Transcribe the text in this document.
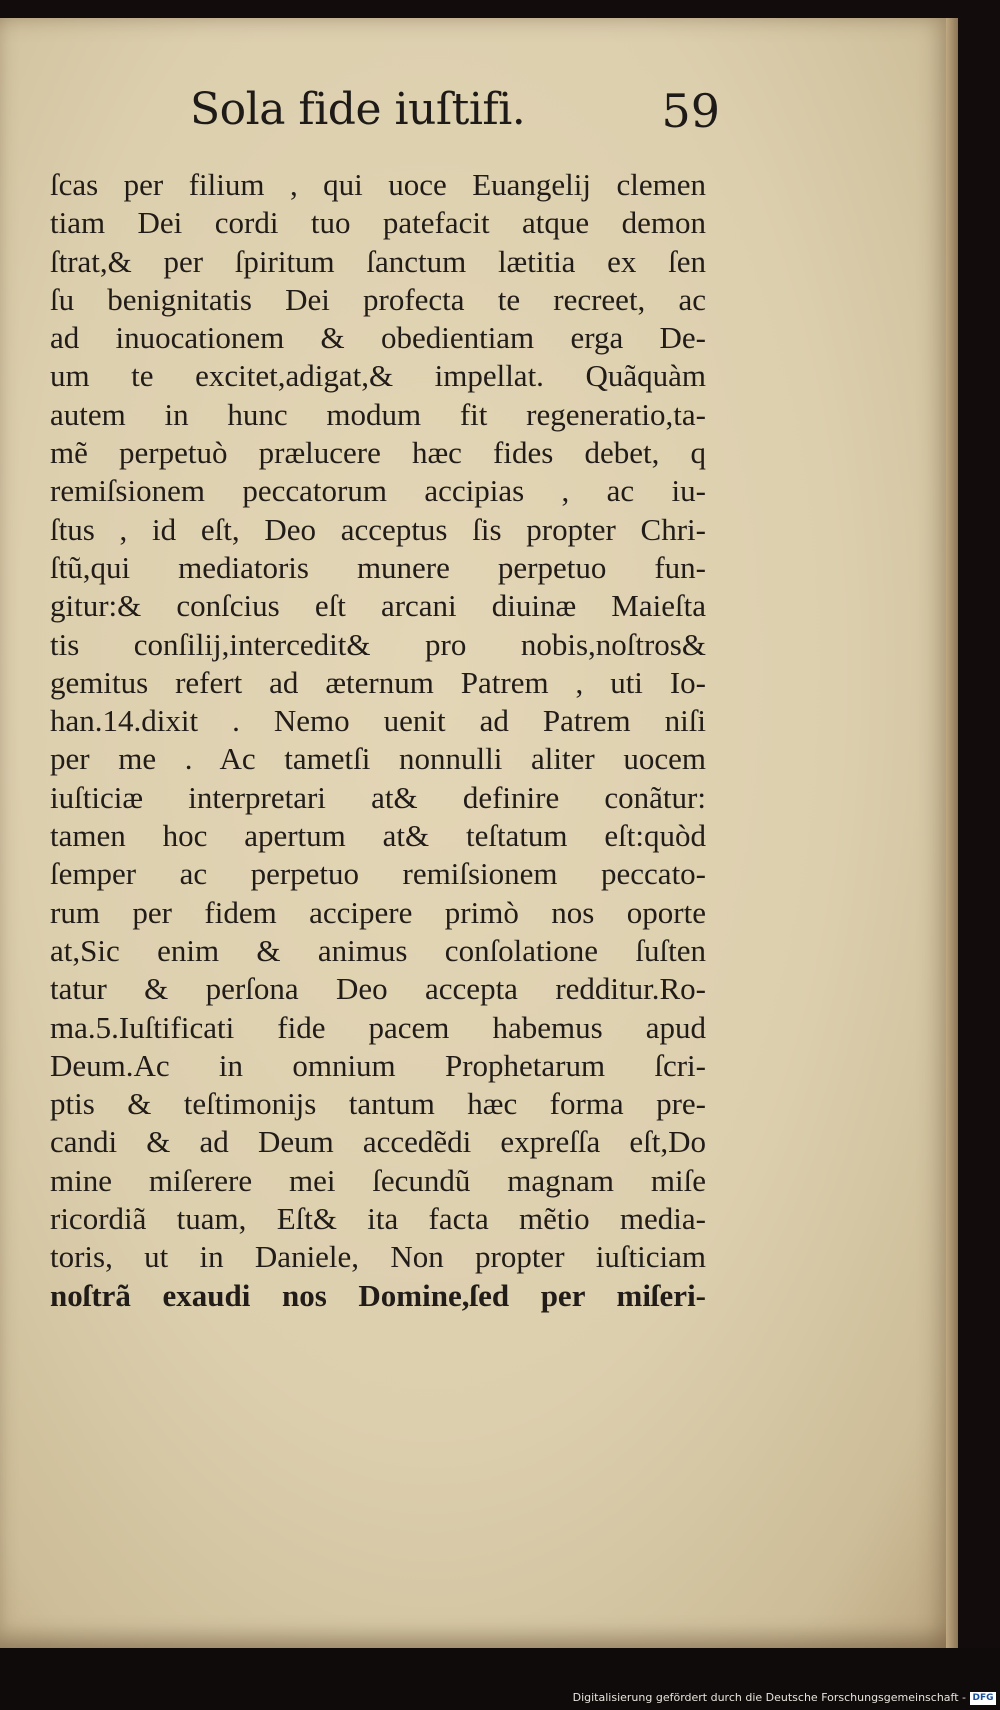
Sola fide iuſtifi.	59
ſcas per filium , qui uoce Euangelij clemen
tiam Dei cordi tuo patefacit atque demon
ſtrat,& per ſpiritum ſanctum lætitia ex ſen
ſu benignitatis Dei profecta te recreet, ac
ad inuocationem & obedientiam erga De-
um te excitet,adigat,& impellat. Quãquàm
autem in hunc modum fit regeneratio,ta-
mẽ perpetuò prælucere hæc fides debet, q
remiſsionem peccatorum accipias , ac iu-
ſtus , id eſt, Deo acceptus ſis propter Chri-
ſtũ,qui mediatoris munere perpetuo fun-
gitur:& conſcius eſt arcani diuinæ Maieſta
tis conſilij,intercedit& pro nobis,noſtros&
gemitus refert ad æternum Patrem , uti Io-
han.14.dixit . Nemo uenit ad Patrem niſi
per me . Ac tametſi nonnulli aliter uocem
iuſticiæ interpretari at& definire conãtur:
tamen hoc apertum at& teſtatum eſt:quòd
ſemper ac perpetuo remiſsionem peccato-
rum per fidem accipere primò nos oporte
at,Sic enim & animus conſolatione ſuſten
tatur & perſona Deo accepta redditur.Ro-
ma.5.Iuſtificati fide pacem habemus apud
Deum.Ac in omnium Prophetarum ſcri-
ptis & teſtimonijs tantum hæc forma pre-
candi & ad Deum accedẽdi expreſſa eſt,Do
mine miſerere mei ſecundũ magnam miſe
ricordiã tuam, Eſt& ita facta mẽtio media-
toris, ut in Daniele, Non propter iuſticiam
noſtrã exaudi nos Domine,ſed per miſeri-
Digitalisierung gefördert durch die Deutsche Forschungsgemeinschaft - DFG
